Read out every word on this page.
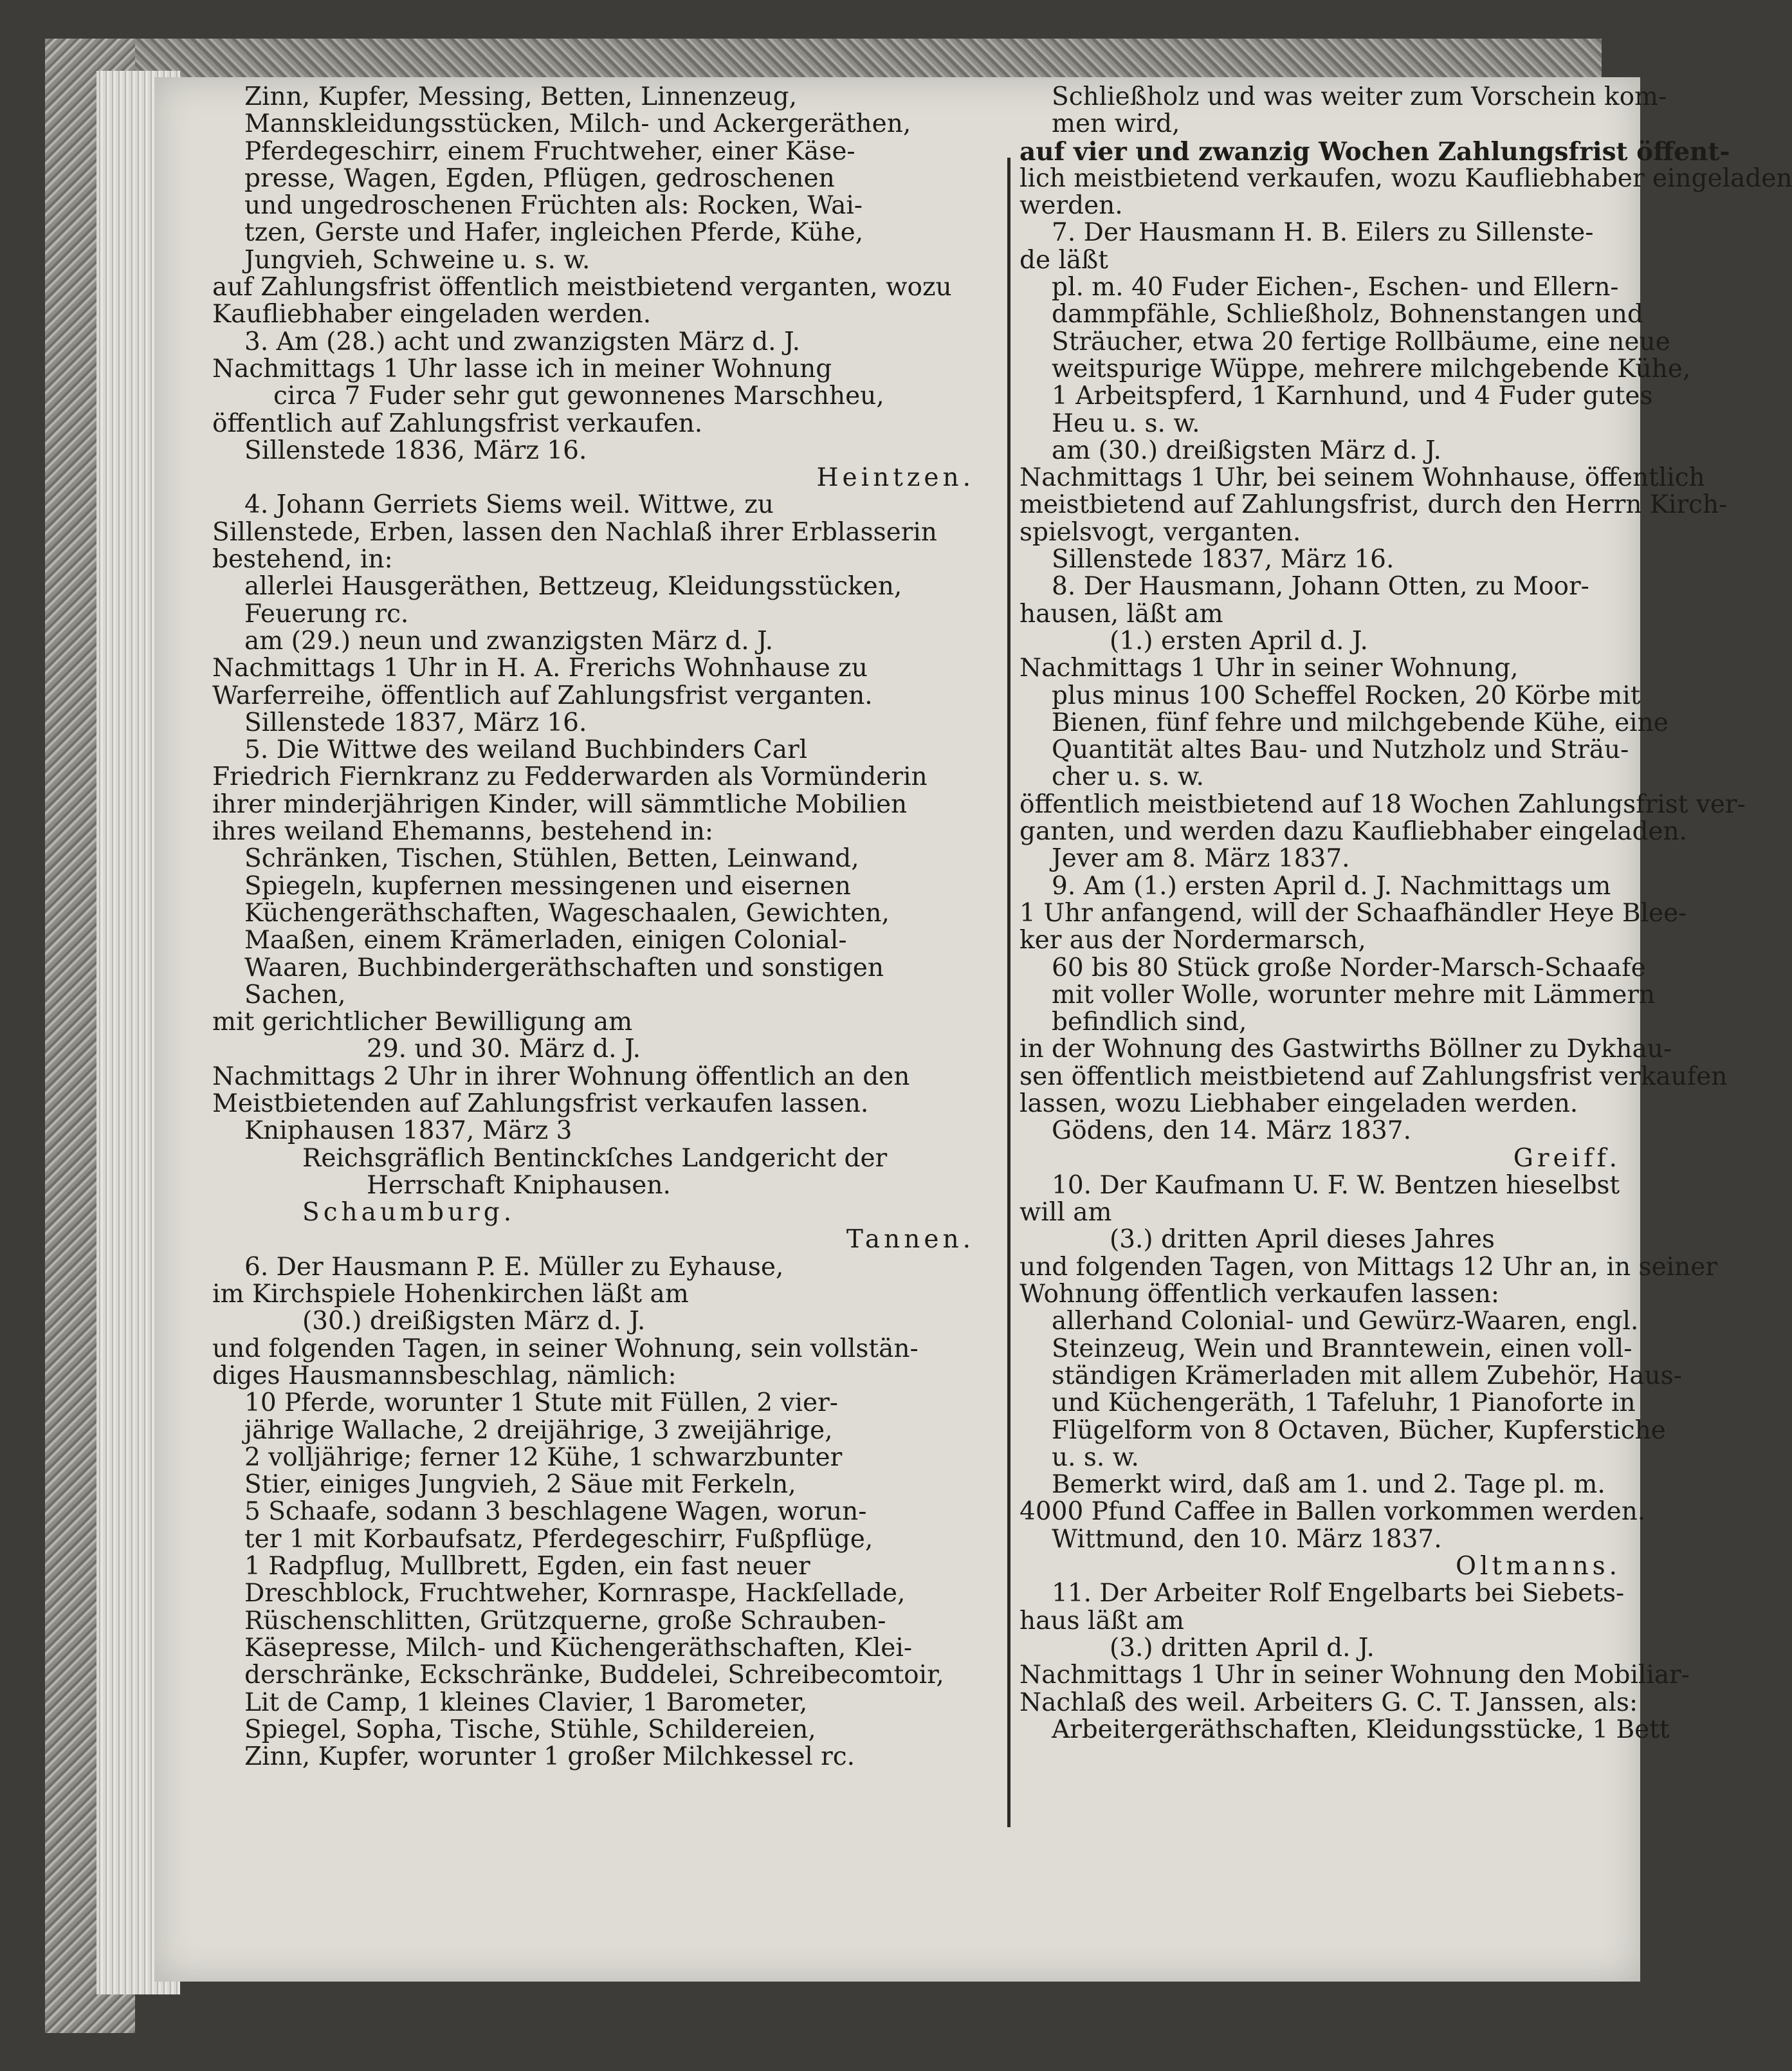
Zinn, Kupfer, Messing, Betten, Linnenzeug,
Mannskleidungsstücken, Milch- und Ackergeräthen,
Pferdegeschirr, einem Fruchtweher, einer Käse-
presse, Wagen, Egden, Pflügen, gedroschenen
und ungedroschenen Früchten als: Rocken, Wai-
tzen, Gerste und Hafer, ingleichen Pferde, Kühe,
Jungvieh, Schweine u. s. w.
auf Zahlungsfrist öffentlich meistbietend verganten, wozu
Kaufliebhaber eingeladen werden.
3. Am (28.) acht und zwanzigsten März d. J.
Nachmittags 1 Uhr lasse ich in meiner Wohnung
circa 7 Fuder sehr gut gewonnenes Marschheu,
öffentlich auf Zahlungsfrist verkaufen.
Sillenstede 1836, März 16.
Heintzen.
4. Johann Gerriets Siems weil. Wittwe, zu
Sillenstede, Erben, lassen den Nachlaß ihrer Erblasserin
bestehend, in:
allerlei Hausgeräthen, Bettzeug, Kleidungsstücken,
Feuerung rc.
am (29.) neun und zwanzigsten März d. J.
Nachmittags 1 Uhr in H. A. Frerichs Wohnhause zu
Warferreihe, öffentlich auf Zahlungsfrist verganten.
Sillenstede 1837, März 16.
5. Die Wittwe des weiland Buchbinders Carl
Friedrich Fiernkranz zu Fedderwarden als Vormünderin
ihrer minderjährigen Kinder, will sämmtliche Mobilien
ihres weiland Ehemanns, bestehend in:
Schränken, Tischen, Stühlen, Betten, Leinwand,
Spiegeln, kupfernen messingenen und eisernen
Küchengeräthschaften, Wageschaalen, Gewichten,
Maaßen, einem Krämerladen, einigen Colonial-
Waaren, Buchbindergeräthschaften und sonstigen
Sachen,
mit gerichtlicher Bewilligung am
29. und 30. März d. J.
Nachmittags 2 Uhr in ihrer Wohnung öffentlich an den
Meistbietenden auf Zahlungsfrist verkaufen lassen.
Kniphausen 1837, März 3
Reichsgräflich Bentinckſches Landgericht der
Herrschaft Kniphausen.
Schaumburg.
Tannen.
6. Der Hausmann P. E. Müller zu Eyhause,
im Kirchspiele Hohenkirchen läßt am
(30.) dreißigsten März d. J.
und folgenden Tagen, in seiner Wohnung, sein vollstän-
diges Hausmannsbeschlag, nämlich:
10 Pferde, worunter 1 Stute mit Füllen, 2 vier-
jährige Wallache, 2 dreijährige, 3 zweijährige,
2 volljährige; ferner 12 Kühe, 1 schwarzbunter
Stier, einiges Jungvieh, 2 Säue mit Ferkeln,
5 Schaafe, sodann 3 beschlagene Wagen, worun-
ter 1 mit Korbaufsatz, Pferdegeschirr, Fußpflüge,
1 Radpflug, Mullbrett, Egden, ein fast neuer
Dreschblock, Fruchtweher, Kornraspe, Hackſellade,
Rüschenschlitten, Grützquerne, große Schrauben-
Käsepresse, Milch- und Küchengeräthschaften, Klei-
derschränke, Eckschränke, Buddelei, Schreibecomtoir,
Lit de Camp, 1 kleines Clavier, 1 Barometer,
Spiegel, Sopha, Tische, Stühle, Schildereien,
Zinn, Kupfer, worunter 1 großer Milchkessel rc.
Schließholz und was weiter zum Vorschein kom-
men wird,
auf vier und zwanzig Wochen Zahlungsfrist öffent-
lich meistbietend verkaufen, wozu Kaufliebhaber eingeladen
werden.
7. Der Hausmann H. B. Eilers zu Sillenste-
de läßt
pl. m. 40 Fuder Eichen-, Eschen- und Ellern-
dammpfähle, Schließholz, Bohnenstangen und
Sträucher, etwa 20 fertige Rollbäume, eine neue
weitspurige Wüppe, mehrere milchgebende Kühe,
1 Arbeitspferd, 1 Karnhund, und 4 Fuder gutes
Heu u. s. w.
am (30.) dreißigsten März d. J.
Nachmittags 1 Uhr, bei seinem Wohnhause, öffentlich
meistbietend auf Zahlungsfrist, durch den Herrn Kirch-
spielsvogt, verganten.
Sillenstede 1837, März 16.
8. Der Hausmann, Johann Otten, zu Moor-
hausen, läßt am
(1.) ersten April d. J.
Nachmittags 1 Uhr in seiner Wohnung,
plus minus 100 Scheffel Rocken, 20 Körbe mit
Bienen, fünf fehre und milchgebende Kühe, eine
Quantität altes Bau- und Nutzholz und Sträu-
cher u. s. w.
öffentlich meistbietend auf 18 Wochen Zahlungsfrist ver-
ganten, und werden dazu Kaufliebhaber eingeladen.
Jever am 8. März 1837.
9. Am (1.) ersten April d. J. Nachmittags um
1 Uhr anfangend, will der Schaafhändler Heye Blee-
ker aus der Nordermarsch,
60 bis 80 Stück große Norder-Marsch-Schaafe
mit voller Wolle, worunter mehre mit Lämmern
befindlich sind,
in der Wohnung des Gastwirths Böllner zu Dykhau-
sen öffentlich meistbietend auf Zahlungsfrist verkaufen
lassen, wozu Liebhaber eingeladen werden.
Gödens, den 14. März 1837.
Greiff.
10. Der Kaufmann U. F. W. Bentzen hieselbst
will am
(3.) dritten April dieses Jahres
und folgenden Tagen, von Mittags 12 Uhr an, in seiner
Wohnung öffentlich verkaufen lassen:
allerhand Colonial- und Gewürz-Waaren, engl.
Steinzeug, Wein und Branntewein, einen voll-
ständigen Krämerladen mit allem Zubehör, Haus-
und Küchengeräth, 1 Tafeluhr, 1 Pianoforte in
Flügelform von 8 Octaven, Bücher, Kupferstiche
u. s. w.
Bemerkt wird, daß am 1. und 2. Tage pl. m.
4000 Pfund Caffee in Ballen vorkommen werden.
Wittmund, den 10. März 1837.
Oltmanns.
11. Der Arbeiter Rolf Engelbarts bei Siebets-
haus läßt am
(3.) dritten April d. J.
Nachmittags 1 Uhr in seiner Wohnung den Mobiliar-
Nachlaß des weil. Arbeiters G. C. T. Janssen, als:
Arbeitergeräthschaften, Kleidungsstücke, 1 Bett
